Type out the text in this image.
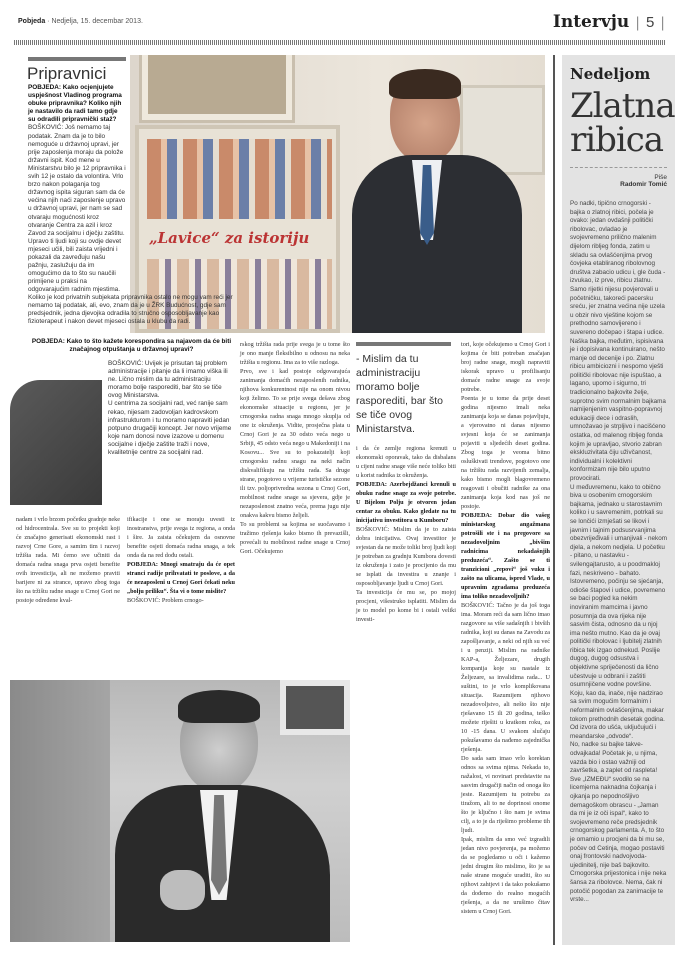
Pobjeda · Nedjelja, 15. decembar 2013.	Intervju | 5 |
„Lavice“ za istoriju
Pripravnici

POBJEDA: Kako ocjenjujete uspješnost Vladinog programa obuke pripravnika? Koliko njih je nastavilo da radi tamo gdje su odradili pripravnički staž?

BOŠKOVIĆ: Još nemamo taj podatak. Znam da je to bilo nemoguće u državnoj upravi, jer prije zaposlenja moraju da polože državni ispit. Kod mene u Ministarstvu bilo je 12 pripravnika i svih 12 je ostalo da volontira. Vrlo brzo nakon polaganja tog državnog ispita siguran sam da će većina njih naći zaposlenje upravo u državnoj upravi, jer nam se sad otvaraju mogućnosti kroz otvaranje Centra za azil i kroz Zavod za socijalnu i dječju zaštitu. Upravo ti ljudi koji su ovdje devet mjeseci učili, bili zaista vrijedni i pokazali da zavređuju našu pažnju, zaslužuju da im omogućimo da to što su naučili primijene u praksi na odgovarajućim radnim mjestima.

Koliko je kod privatnih subjekata pripravnika ostalo ne mogu vam reći jer nemamo taj podatak, ali, evo, znam da je u ŽRK Budućnost, gdje sam predsjednik, jedna djevojka odradila to stručno osposobljavanje kao fizioterapeut i nakon devet mjeseci ostala u klubu da radi.

POBJEDA: Kako to što kažete korespondira sa najavom da će biti značajnog otpuštanja u državnoj upravi?

BOŠKOVIĆ: Uvijek je prisutan taj problem administracije i pitanje da li imamo viška ili ne. Lično mislim da tu administraciju moramo bolje rasporediti, bar što se tiče ovog Ministarstva.

U centrima za socijalni rad, već ranije sam rekao, nijesam zadovoljan kadrovskom infrastrukturom i tu moramo napraviti jedan potpuno drugačiji koncept. Jer novo vrijeme koje nam donosi nove izazove u domenu socijalne i dječje zaštite traži i nove, kvalitetnije centre za socijalni rad.

rskog tržišta rada prije svega je u tome što je ono manje fleksibilno u odnosu na neka tržišta u regionu. Ima za to više razloga.

Prvo, sve i kad postoje odgovarajuća zanimanja domaćih nezaposlenih radnika, njihova konkurentnost nije na onom nivou koji želimo. To se prije svega dešava zbog ekonomske situacije u regionu, jer je crnogorska radna snaga mnogo skuplja od one iz okruženja. Vidite, prosječna plata u Crnoj Gori je za 30 odsto veća nego u Srbiji, 45 odsto veća nego u Makedoniji i na Kosovu... Sve su to pokazatelji koji crnogorsku radnu snagu na neki način diskvalifikuju na tržištu rada. Sa druge strane, pogotovo u vrijeme turističke sezone ili tzv. poljoprivredna sezona u Crnoj Gori, mobilnost radne snage sa sjevera, gdje je nezaposlenost znatno veća, prema jugu nije onakva kakvu bismo željeli.

To su problemi sa kojima se suočavamo i tražimo rješenja kako bismo ih prevazišli, povećali tu mobilnost radne snage u Crnoj Gori. Očekujemo

- Mislim da tu administraciju moramo bolje rasporediti, bar što se tiče ovog Ministarstva.

i da će zemlje regiona krenuti u ekonomski oporavak, tako da disbalans u cijeni radne snage više neće toliko biti u korist radnika iz okruženja.

POBJEDA: Azerbejdžanci krenuli u obuku radne snage za svoje potrebe. U Bijelom Polju je otvoren jedan centar za obuku. Kako gledate na tu inicijativu investitora u Kumboru?

BOŠKOVIĆ: Mislim da je to zaista dobra inicijativa. Ovaj investitor je svjestan da ne može toliki broj ljudi koji je potreban za gradnju Kumbora dovesti iz okruženja i zato je procijenio da mu se isplati da investira u znanje i osposobljavanje ljudi u Crnoj Gori.

Ta investicija će mu se, po mojoj procjeni, višestruko isplatiti. Mislim da je to model po kome bi i ostali veliki investi-

tori, koje očekujemo u Crnoj Gori i kojima će biti potreban značajan broj radne snage, mogli napraviti iskorak upravo u profilisanju domaće radne snage za svoje potrebe.

Poenta je u tome da prije deset godina nijesmo imali neka zanimanja koja se danas pojavljuju, a vjerovatno ni danas nijesmo svjesni koja će se zanimanja pojaviti u sljedećih deset godina. Zbog toga je veoma bitno osluškivati trendove, pogotovo one na tržištu rada razvijenih zemalja, kako bismo mogli blagovremeno reagovati i obučiti radnike za ona zanimanja koja kod nas još ne postoje.

POBJEDA: Dobar dio vašeg ministarskog angažmana potrošili ste i na pregovore sa nezadovoljnim „bivšim radnicima nekadašnjih preduzeća“. Zašto se ti tranzicioni „repovi“ još vuku i zašto na ulicama, ispred Vlade, u upravnim zgradama preduzeća ima toliko nezadovoljnih?

BOŠKOVIĆ: Tačno je da još toga ima. Moram reći da sam lično imao razgovore sa više sadašnjih i bivših radnika, koji su danas na Zavodu za zapošljavanje, a neki od njih su već i u penziji. Mislim na radnike KAP-a, Željezare, drugih kompanija koje su nastale iz Željezare, sa invalidima rada... U suštini, to je vrlo komplikovana situacija. Razumijem njihovo nezadovoljstvo, ali nešto što nije rješavano 15 ili 20 godina, teško možete riješiti u kratkom roku, za 10 -15 dana. U svakom slučaju pokušavamo da nađemo zajednička rješenja.

Do sada sam imao vrlo korektan odnos sa svima njima. Nekada to, nažalost, vi novinari predstavite na sasvim drugačiji način od onoga što jeste. Razumijem tu potrebu za tiražom, ali to ne doprinosi onome što je ključno i što nam je svima cilj, a to je da riješimo probleme tih ljudi.

Ipak, mislim da smo već izgradili jedan nivo povjerenja, pa možemo da se pogledamo u oči i kažemo jedni drugim što mislimo, što je sa naše strane moguće uraditi, što su njihovi zahtjevi i da tako pokušamo da dođemo do realno mogućih rješenja, a da ne urušimo čitav sistem u Crnoj Gori.

nadam i vrlo brzom početku gradnje neke od hidrocentrala. Sve su to projekti koji će značajno generisati ekonomski rast i razvoj Crne Gore, a samim tim i razvoj tržišta rada. Mi ćemo sve učiniti da domaća radna snaga prva osjeti benefite ovih investicija, ali ne možemo praviti barijere ni za strance, upravo zbog toga što na tržištu radne snage u Crnoj Gori ne postoje određene kval-

ifikacije i one se moraju uvesti iz inostranstva, prije svega iz regiona, a onda i šire. Ja zaista očekujem da osnovne benefite osjeti domaća radna snaga, a tek onda da na red dođu ostali.

POBJEDA: Mnogi smatraju da će opet stranci radije prihvatati te poslove, a da će nezaposleni u Crnoj Gori čekati neku „bolju priliku“. Šta vi o tome mislite?

BOŠKOVIĆ: Problem crnogo-

Nedeljom
Zlatna ribica
Piše
Radomir Tomić

Po nadki, tipično crnogorski - bajka o zlatnoj ribici, počela je ovako: jedan ovdašnji politički ribolovac, ovladao je svojevremeno prilično malenim dijelom ribljeg fonda, zatim u skladu sa ovlašćenjima prvog čovjeka etabliranog ribolovnog društva zabacio udicu i, gle čuda - izvukao, iz prve, ribicu zlatnu. Samo rijetki nijesu povjerovali u početničku, takoreći pacersku sreću, jer znatna većina nije uzela u obzir nivo vještine kojom se prethodno samovijereno i suvereno dočepao i štapa i udice.

Naška bajka, međutim, ispisivana je i dopisivana kontinuirano, nešto manje od decenije i po. Zlatnu ribicu ambiciozni i nespomo vješti politički ribolovac nije ispuštao, a lagano, upomo i sigurno, tri tradicionalno bajkovite želje, suprotno svim normalnim bajkama namijenjenim vaspitno-popravnoj edukaciji dece i odraslih, umnožavao je strpljivo i nacišćeno ostatka, od malenog ribljeg fonda kojim je upravljao, stvorio zabran ekskluzivitata čiju uživčanost, individualni i kolektivni konformizam nije bilo uputno provocirati.

U međuvremenu, kako to obično biva u osobenim crnogorskim bajkama, jednako u starostavnim koliko i u savremenim, potrkali su se lončići izmješati se likovi i javnim i tajnim podsusrvanjima obezvrijeđivali i umanjivali - nekom djela, a nekom nedjela. U početku - pitano, u nastavku - svilengajtarusto, a u poodmakloj fazi, neskriveno - bahato. Istovremeno, počinju se sjećanja, odioše štapovi i udice, povremeno se baci pogled ka nekim inoviranim mamcima i javno posumnja da ova rijeka nije sasvim čista, odnosno da u njoj ima nešto mutno. Kao da je ovaj politički ribolovac i ljubitelj zlatnih ribica tek izgao odnekud. Poslije dugog, dugog odsustva i objektivne spriječenosti da lično učestvuje u odbrani i zaštiti osumnjičene vodne površine. Koju, kao da, inače, nije nadzirao sa svim mogućim formalnim i neformalnim ovlašćenjima, makar tokom prethodnih desetak godina. Od izvora do ušća, uključujući i meandarske „odvode“.

No, nadke su bajke takve- odvajkada! Početak je, u njima, vazda bio i ostao važniji od završetka, a zaplet od raspleta! Sve „IZMEĐU“ svodilo se na licemjerna naknadna čojkanja i ojkanja po nepodnošljivo demagoškom obrascu - „Jaman da mi je iz oči ispal“, kako to svojevremeno reče predsjednik crnogorskog parlamenta. A, to što je omamio u procjeni da bi mu se, počev od Cetinja, mogao postaviti onaj frontovski nadvojvoda-ujedinitelj, nije baš bajkovito. Crnogorska prijestonica i nije neka šansa za ribolovce. Nema, čak ni potočić pogodan za zanimacije te vrste...
